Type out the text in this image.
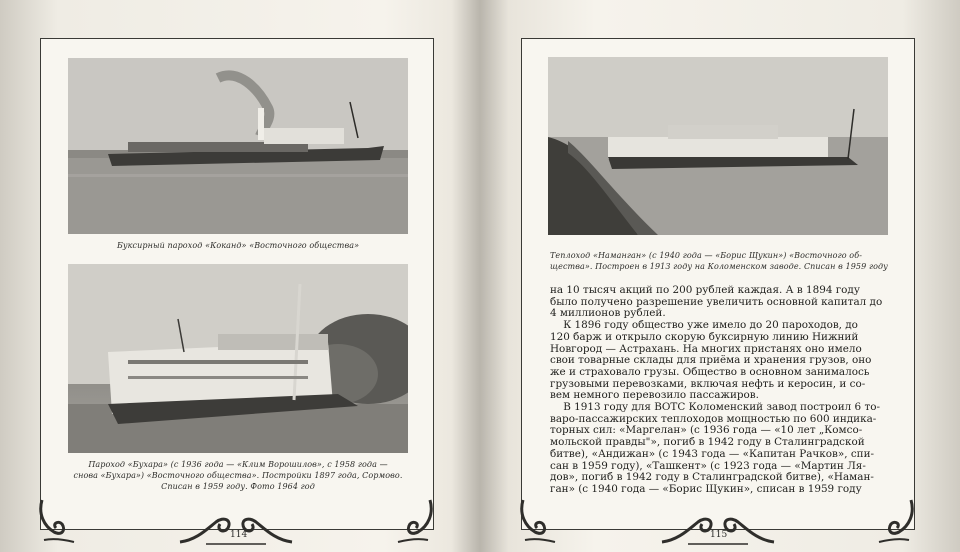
Буксирный пароход «Коканд» «Восточного общества»
Пароход «Бухара» (с 1936 года — «Клим Ворошилов», с 1958 года —
снова «Бухара») «Восточного общества». Постройки 1897 года, Сормово.
Списан в 1959 году. Фото 1964 год
114
Теплоход «Наманган» (с 1940 года — «Борис Щукин») «Восточного об-
щества». Построен в 1913 году на Коломенском заводе. Списан в 1959 году
на 10 тысяч акций по 200 рублей каждая. А в 1894 году
было получено разрешение увеличить основной капитал до
4 миллионов рублей.
К 1896 году общество уже имело до 20 пароходов, до
120 барж и открыло скорую буксирную линию Нижний
Новгород — Астрахань. На многих пристанях оно имело
свои товарные склады для приёма и хранения грузов, оно
же и страховало грузы. Общество в основном занималось
грузовыми перевозками, включая нефть и керосин, и со-
вем немного перевозило пассажиров.
В 1913 году для ВОТС Коломенский завод построил 6 то-
варо-пассажирских теплоходов мощностью по 600 индика-
торных сил: «Маргелан» (с 1936 года — «10 лет „Комсо-
мольской правды"», погиб в 1942 году в Сталинградской
битве), «Андижан» (с 1943 года — «Капитан Рачков», спи-
сан в 1959 году), «Ташкент» (с 1923 года — «Мартин Ля-
дов», погиб в 1942 году в Сталинградской битве), «Наман-
ган» (с 1940 года — «Борис Щукин», списан в 1959 году
115
